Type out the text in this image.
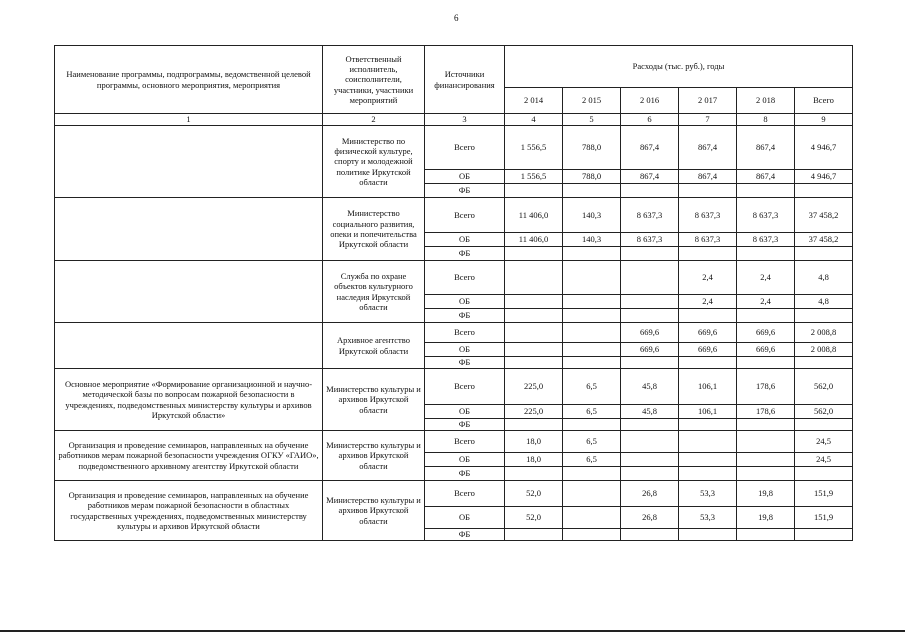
6
Наименование программы, подпрограммы, ведомственной целевой программы, основного мероприятия, мероприятия	Ответственный исполнитель, соисполнители, участники, участники мероприятий	Источники финансирования	Расходы (тыс. руб.), годы					
			2 014	2 015	2 016	2 017	2 018	Всего
1	2	3	4	5	6	7	8	9
	Министерство по физической культуре, спорту и молодежной политике Иркутской области	Всего	1 556,5	788,0	867,4	867,4	867,4	4 946,7
		ОБ	1 556,5	788,0	867,4	867,4	867,4	4 946,7
		ФБ						
	Министерство социального развития, опеки и попечительства Иркутской области	Всего	11 406,0	140,3	8 637,3	8 637,3	8 637,3	37 458,2
		ОБ	11 406,0	140,3	8 637,3	8 637,3	8 637,3	37 458,2
		ФБ						
	Служба по охране объектов культурного наследия Иркутской области	Всего				2,4	2,4	4,8
		ОБ				2,4	2,4	4,8
		ФБ						
	Архивное агентство Иркутской области	Всего			669,6	669,6	669,6	2 008,8
		ОБ			669,6	669,6	669,6	2 008,8
		ФБ						
Основное мероприятие «Формирование организационной и научно-методической базы по вопросам пожарной безопасности в учреждениях, подведомственных министерству культуры и архивов Иркутской области»	Министерство культуры и архивов Иркутской области	Всего	225,0	6,5	45,8	106,1	178,6	562,0
		ОБ	225,0	6,5	45,8	106,1	178,6	562,0
		ФБ						
Организация и проведение семинаров, направленных на обучение работников мерам пожарной безопасности учреждения ОГКУ «ГАИО», подведомственного архивному агентству Иркутской области	Министерство культуры и архивов Иркутской области	Всего	18,0	6,5				24,5
		ОБ	18,0	6,5				24,5
		ФБ						
Организация и проведение семинаров, направленных на обучение работников мерам пожарной безопасности в областных государственных учреждениях, подведомственных министерству культуры и архивов Иркутской области	Министерство культуры и архивов Иркутской области	Всего	52,0		26,8	53,3	19,8	151,9
		ОБ	52,0		26,8	53,3	19,8	151,9
		ФБ						
